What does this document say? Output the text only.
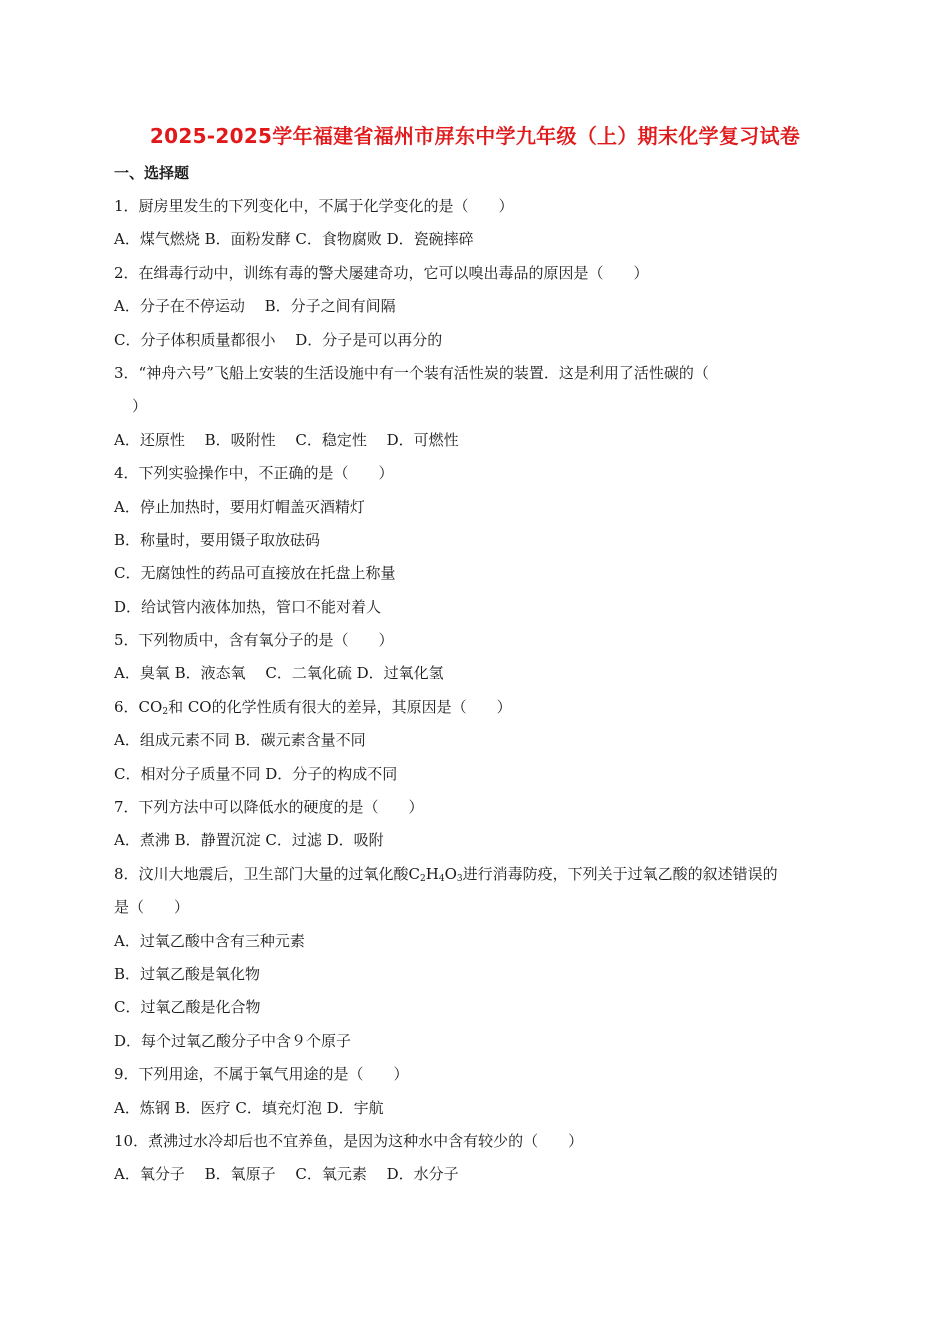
2025-2025学年福建省福州市屏东中学九年级（上）期末化学复习试卷
一、选择题
1．厨房里发生的下列变化中，不属于化学变化的是（　　）
A．煤气燃烧 B．面粉发酵 C．食物腐败 D．瓷碗摔碎
2．在缉毒行动中，训练有毒的警犬屡建奇功，它可以嗅出毒品的原因是（　　）
A．分子在不停运动　 B．分子之间有间隔
C．分子体积质量都很小　 D．分子是可以再分的
3．“神舟六号”飞船上安装的生活设施中有一个装有活性炭的装置．这是利用了活性碳的（
）
A．还原性　 B．吸附性　 C．稳定性　 D．可燃性
4．下列实验操作中，不正确的是（　　）
A．停止加热时，要用灯帽盖灭酒精灯
B．称量时，要用镊子取放砝码
C．无腐蚀性的药品可直接放在托盘上称量
D．给试管内液体加热，管口不能对着人
5．下列物质中，含有氧分子的是（　　）
A．臭氧 B．液态氧　 C．二氧化硫 D．过氧化氢
6．$CO_2$和 CO的化学性质有很大的差异，其原因是（　　）
A．组成元素不同 B．碳元素含量不同
C．相对分子质量不同 D．分子的构成不同
7．下列方法中可以降低水的硬度的是（　　）
A．煮沸 B．静置沉淀 C．过滤 D．吸附
8．汶川大地震后，卫生部门大量的过氧化酸$C_2H_4O_3$进行消毒防疫，下列关于过氧乙酸的叙述错误的
是（　　）
A．过氧乙酸中含有三种元素
B．过氧乙酸是氧化物
C．过氧乙酸是化合物
D．每个过氧乙酸分子中含９个原子
9．下列用途，不属于氧气用途的是（　　）
A．炼钢 B．医疗 C．填充灯泡 D．宇航
10．煮沸过水冷却后也不宜养鱼，是因为这种水中含有较少的（　　）
A．氧分子　 B．氧原子　 C．氧元素　 D．水分子
